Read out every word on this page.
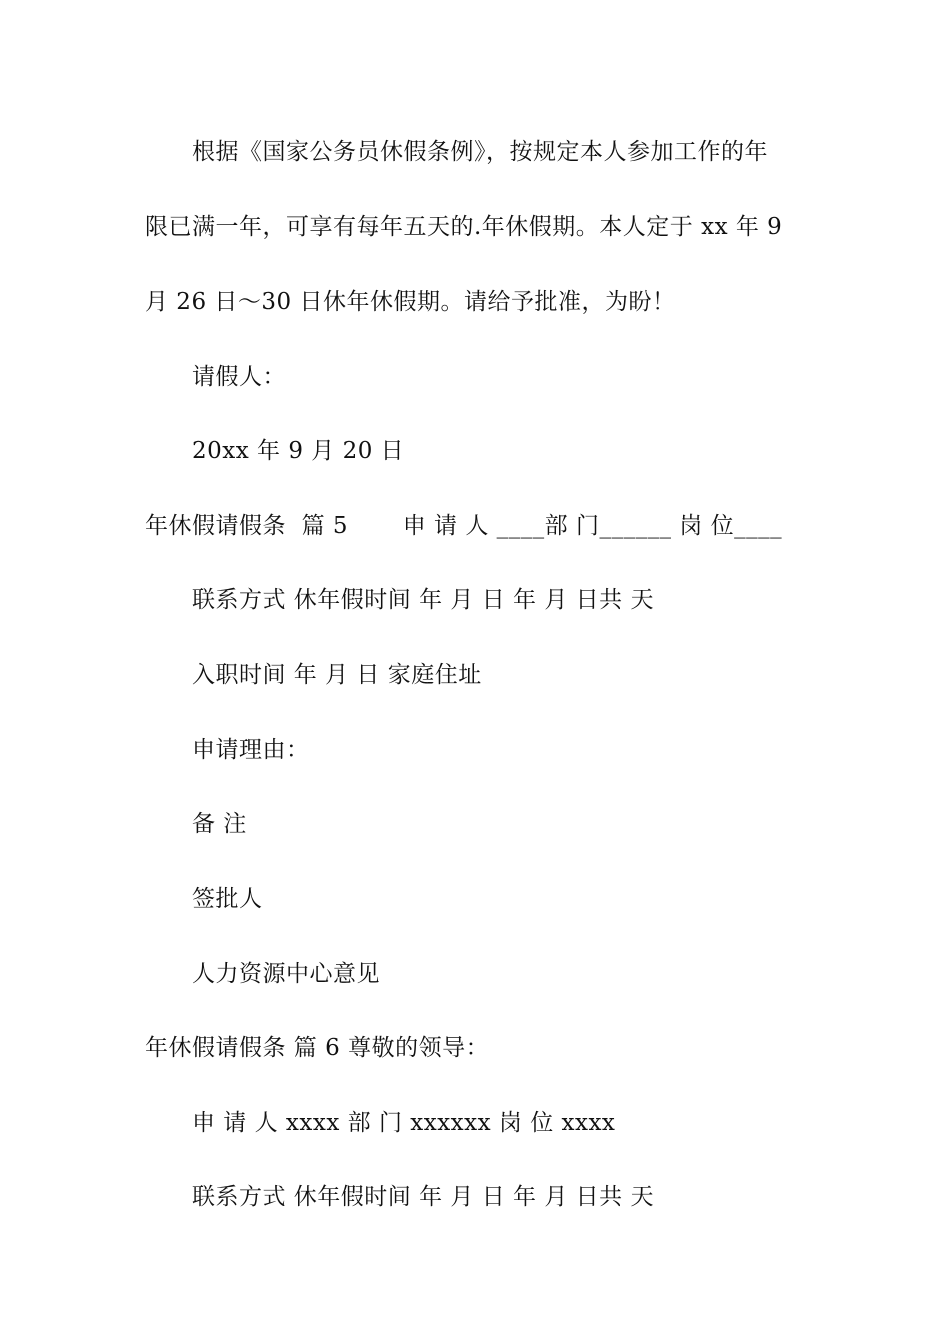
根据《国家公务员休假条例》，按规定本人参加工作的年
限已满一年，可享有每年五天的.年休假期。本人定于 xx 年 9
月 26 日～30 日休年休假期。请给予批准，为盼！
请假人：
20xx 年 9 月 20 日
年休假请假条  篇 5       申 请 人 ____部 门______ 岗 位____
联系方式 休年假时间 年 月 日 年 月 日共 天
入职时间 年 月 日 家庭住址
申请理由：
备 注
签批人
人力资源中心意见
年休假请假条 篇 6 尊敬的领导：
申 请 人 xxxx 部 门 xxxxxx 岗 位 xxxx
联系方式 休年假时间 年 月 日 年 月 日共 天
